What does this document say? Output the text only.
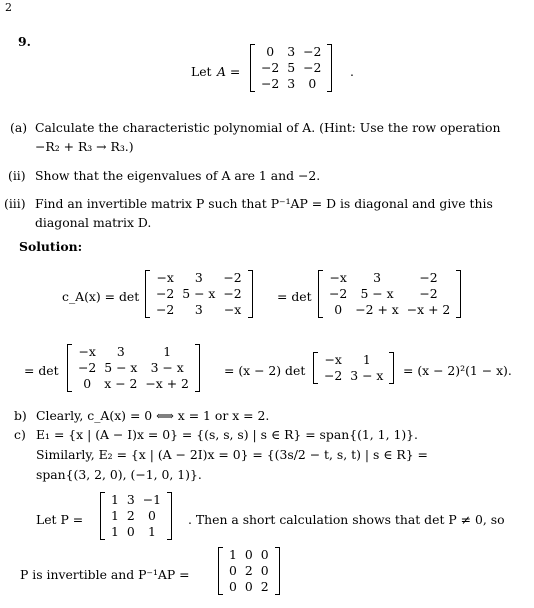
2
9.
Let A =
0	3	−2
−2	5	−2
−2	3	0
.
(a) Calculate the characteristic polynomial of A. (Hint: Use the row operation
−R₂ + R₃ → R₃.)
(ii) Show that the eigenvalues of A are 1 and −2.
(iii) Find an invertible matrix P such that P⁻¹AP = D is diagonal and give this
diagonal matrix D.
Solution:
c_A(x) = det
−x	3	−2
−2	5 − x	−2
−2	3	−x
= det
−x	3	−2
−2	5 − x	−2
0	−2 + x	−x + 2
= det
−x	3	1
−2	5 − x	3 − x
0	x − 2	−x + 2
= (x − 2) det
−x	1
−2	3 − x = (x − 2)²(1 − x).
b) Clearly, c_A(x) = 0 ⟺ x = 1 or x = 2.
c) E₁ = {x | (A − I)x = 0} = {(s, s, s) | s ∈ R} = span{(1, 1, 1)}.
Similarly, E₂ = {x | (A − 2I)x = 0} = {(3s/2 − t, s, t) | s ∈ R} =
span{(3, 2, 0), (−1, 0, 1)}.
Let P =
1	3	−1
1	2	0
1	0	1
. Then a short calculation shows that det P ≠ 0, so
P is invertible and P⁻¹AP =
1	0	0
0	2	0
0	0	2
